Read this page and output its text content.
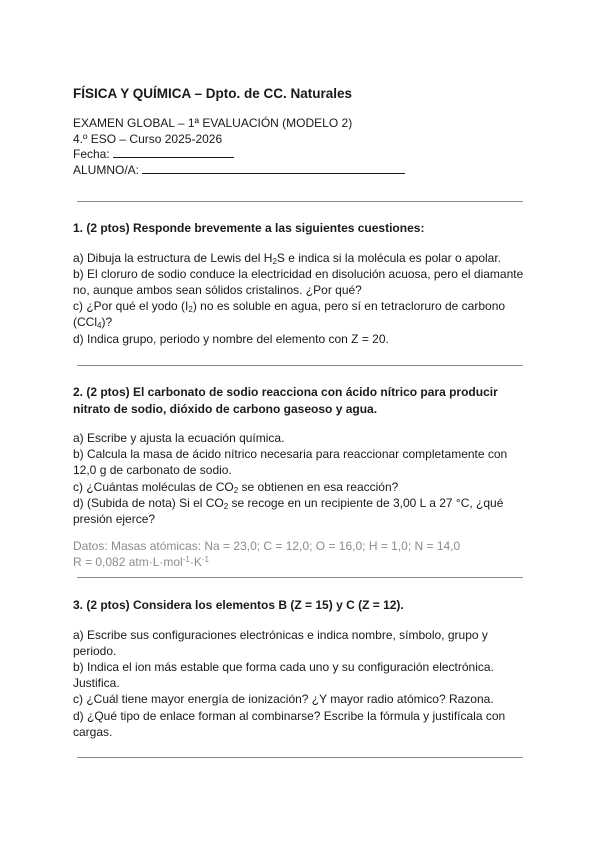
FÍSICA Y QUÍMICA – Dpto. de CC. Naturales
EXAMEN GLOBAL – 1ª EVALUACIÓN (MODELO 2)
4.º ESO – Curso 2025-2026
Fecha:
ALUMNO/A:
1. (2 ptos) Responde brevemente a las siguientes cuestiones:
a) Dibuja la estructura de Lewis del $H_2S$ e indica si la molécula es polar o apolar.
b) El cloruro de sodio conduce la electricidad en disolución acuosa, pero el diamante no, aunque ambos sean sólidos cristalinos. ¿Por qué?
c) ¿Por qué el yodo $(I_2)$ no es soluble en agua, pero sí en tetracloruro de carbono (CCl$_4$)?
d) Indica grupo, periodo y nombre del elemento con Z = 20.
2. (2 ptos) El carbonato de sodio reacciona con ácido nítrico para producir nitrato de sodio, dióxido de carbono gaseoso y agua.
a) Escribe y ajusta la ecuación química.
b) Calcula la masa de ácido nítrico necesaria para reaccionar completamente con 12,0 g de carbonato de sodio.
c) ¿Cuántas moléculas de $CO_2$ se obtienen en esa reacción?
d) (Subida de nota) Si el $CO_2$ se recoge en un recipiente de 3,00 L a 27 °C, ¿qué presión ejerce?
Datos: Masas atómicas: Na = 23,0; C = 12,0; O = 16,0; H = 1,0; N = 14,0
R = 0,082 $atm\cdot L\cdot mol^{-1}\cdot K^{-1}$
3. (2 ptos) Considera los elementos B (Z = 15) y C (Z = 12).
a) Escribe sus configuraciones electrónicas e indica nombre, símbolo, grupo y periodo.
b) Indica el ion más estable que forma cada uno y su configuración electrónica. Justifica.
c) ¿Cuál tiene mayor energía de ionización? ¿Y mayor radio atómico? Razona.
d) ¿Qué tipo de enlace forman al combinarse? Escribe la fórmula y justifícala con cargas.
